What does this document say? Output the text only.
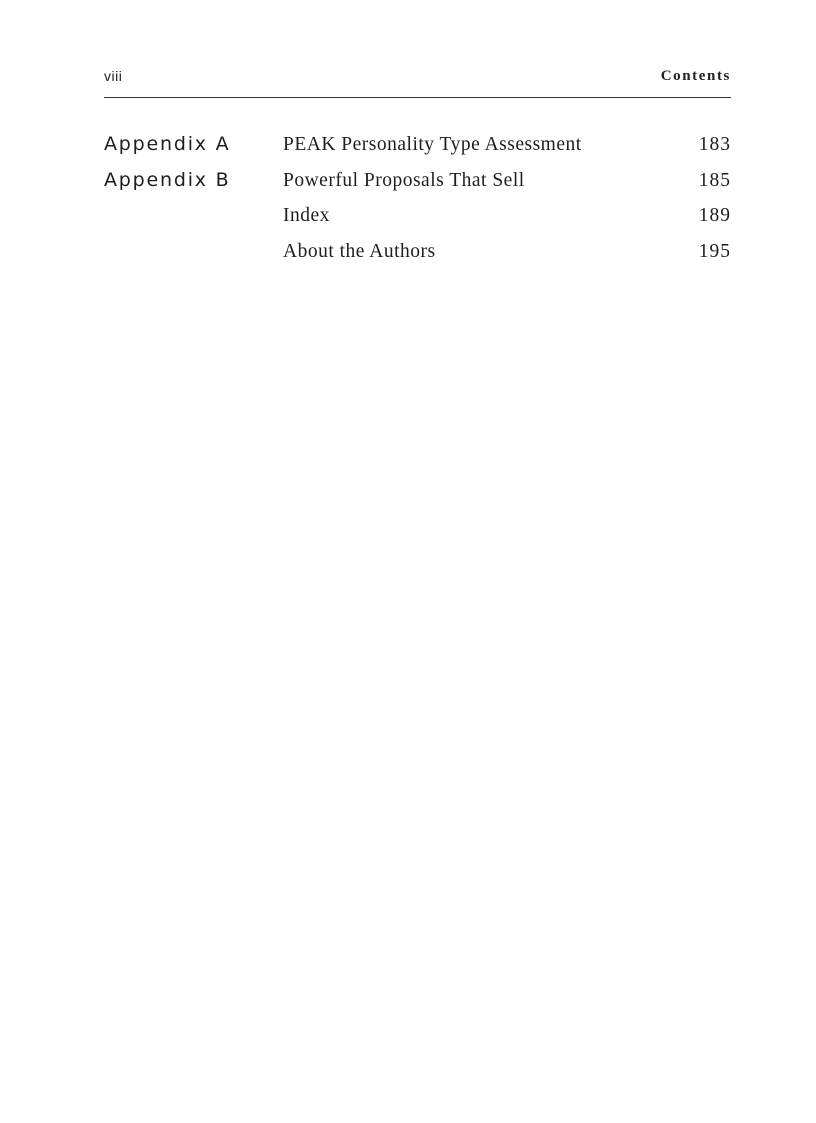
viii	Contents
Appendix A	PEAK Personality Type Assessment	183
Appendix B	Powerful Proposals That Sell	185
Index	189
About the Authors	195
